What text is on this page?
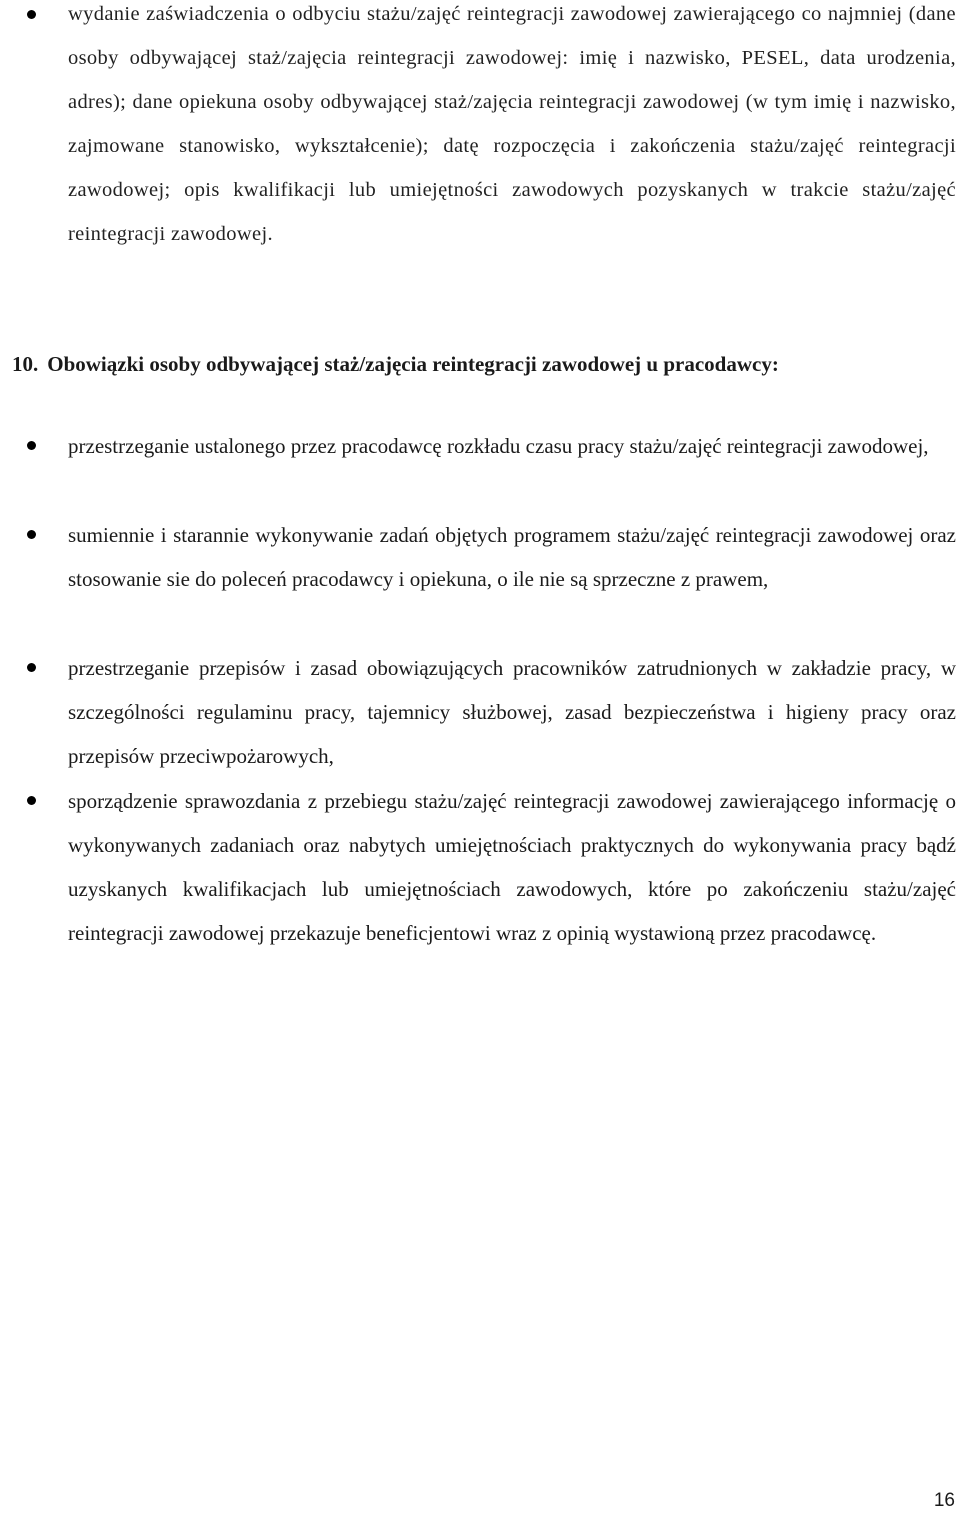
wydanie zaświadczenia o odbyciu stażu/zajęć reintegracji zawodowej zawierającego co najmniej (dane osoby odbywającej staż/zajęcia reintegracji zawodowej: imię i nazwisko, PESEL, data urodzenia, adres); dane opiekuna osoby odbywającej staż/zajęcia reintegracji zawodowej (w tym imię i nazwisko, zajmowane stanowisko, wykształcenie); datę rozpoczęcia i zakończenia stażu/zajęć reintegracji zawodowej; opis kwalifikacji lub umiejętności zawodowych pozyskanych w trakcie stażu/zajęć reintegracji zawodowej.
10. Obowiązki osoby odbywającej staż/zajęcia reintegracji zawodowej u pracodawcy:
przestrzeganie ustalonego przez pracodawcę rozkładu czasu pracy stażu/zajęć reintegracji zawodowej,
sumiennie i starannie wykonywanie zadań objętych programem stażu/zajęć reintegracji zawodowej oraz stosowanie sie do poleceń pracodawcy i opiekuna, o ile nie są sprzeczne z prawem,
przestrzeganie przepisów i zasad obowiązujących pracowników zatrudnionych w zakładzie pracy, w szczególności regulaminu pracy, tajemnicy służbowej, zasad bezpieczeństwa i higieny pracy oraz przepisów przeciwpożarowych,
sporządzenie sprawozdania z przebiegu stażu/zajęć reintegracji zawodowej zawierającego informację o wykonywanych zadaniach oraz nabytych umiejętnościach praktycznych do wykonywania pracy bądź uzyskanych kwalifikacjach lub umiejętnościach zawodowych, które po zakończeniu stażu/zajęć reintegracji zawodowej przekazuje beneficjentowi wraz z opinią wystawioną przez pracodawcę.
16
